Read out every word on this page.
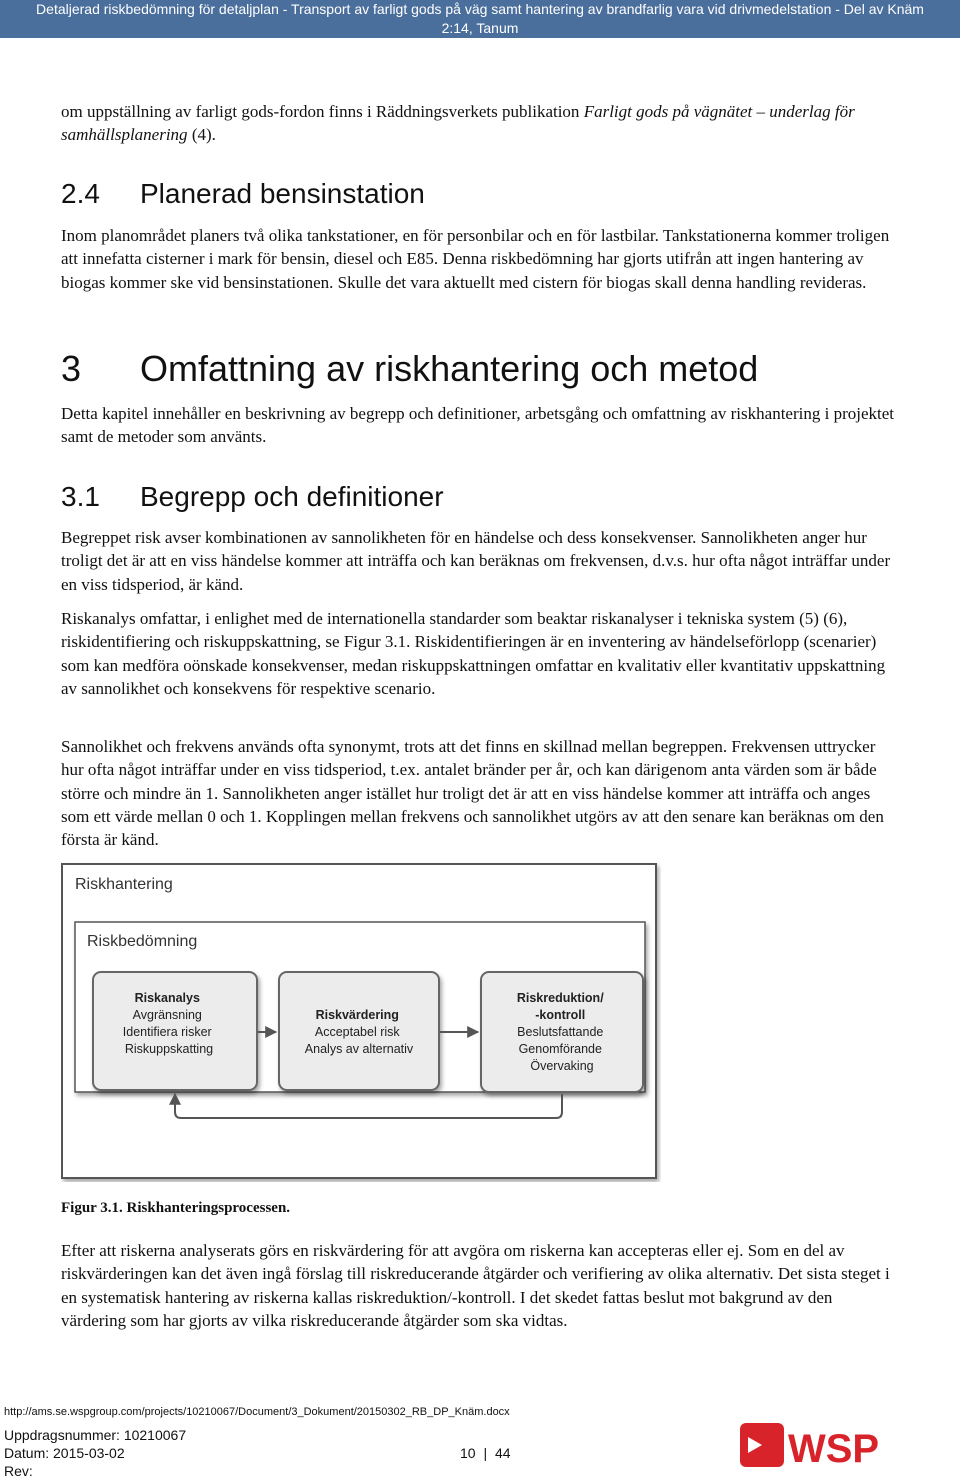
Detaljerad riskbedömning för detaljplan - Transport av farligt gods på väg samt hantering av brandfarlig vara vid drivmedelstation - Del av Knäm
2:14, Tanum

om uppställning av farligt gods-fordon finns i Räddningsverkets publikation Farligt gods på vägnätet – underlag för samhällsplanering (4).

2.4 Planerad bensinstation

Inom planområdet planers två olika tankstationer, en för personbilar och en för lastbilar. Tankstationerna kommer troligen att innefatta cisterner i mark för bensin, diesel och E85. Denna riskbedömning har gjorts utifrån att ingen hantering av biogas kommer ske vid bensinstationen. Skulle det vara aktuellt med cistern för biogas skall denna handling revideras.

3 Omfattning av riskhantering och metod

Detta kapitel innehåller en beskrivning av begrepp och definitioner, arbetsgång och omfattning av riskhantering i projektet samt de metoder som använts.

3.1 Begrepp och definitioner

Begreppet risk avser kombinationen av sannolikheten för en händelse och dess konsekvenser. Sannolikheten anger hur troligt det är att en viss händelse kommer att inträffa och kan beräknas om frekvensen, d.v.s. hur ofta något inträffar under en viss tidsperiod, är känd.

Riskanalys omfattar, i enlighet med de internationella standarder som beaktar riskanalyser i tekniska system (5) (6), riskidentifiering och riskuppskattning, se Figur 3.1. Riskidentifieringen är en inventering av händelseförlopp (scenarier) som kan medföra oönskade konsekvenser, medan riskuppskattningen omfattar en kvalitativ eller kvantitativ uppskattning av sannolikhet och konsekvens för respektive scenario.

Sannolikhet och frekvens används ofta synonymt, trots att det finns en skillnad mellan begreppen. Frekvensen uttrycker hur ofta något inträffar under en viss tidsperiod, t.ex. antalet bränder per år, och kan därigenom anta värden som är både större och mindre än 1. Sannolikheten anger istället hur troligt det är att en viss händelse kommer att inträffa och anges som ett värde mellan 0 och 1. Kopplingen mellan frekvens och sannolikhet utgörs av att den senare kan beräknas om den första är känd.

Riskhantering
Riskbedömning
Riskanalys Avgränsning Identifiera risker Riskuppskatting
Riskvärdering Acceptabel risk Analys av alternativ
Riskreduktion/ -kontroll Beslutsfattande Genomförande Övervaking

Figur 3.1. Riskhanteringsprocessen.

Efter att riskerna analyserats görs en riskvärdering för att avgöra om riskerna kan accepteras eller ej. Som en del av riskvärderingen kan det även ingå förslag till riskreducerande åtgärder och verifiering av olika alternativ. Det sista steget i en systematisk hantering av riskerna kallas riskreduktion/-kontroll. I det skedet fattas beslut mot bakgrund av den värdering som har gjorts av vilka riskreducerande åtgärder som ska vidtas.

http://ams.se.wspgroup.com/projects/10210067/Document/3_Dokument/20150302_RB_DP_Knäm.docx

Uppdragsnummer: 10210067

Datum: 2015-03-02

Rev:

10 | 44	WSP
